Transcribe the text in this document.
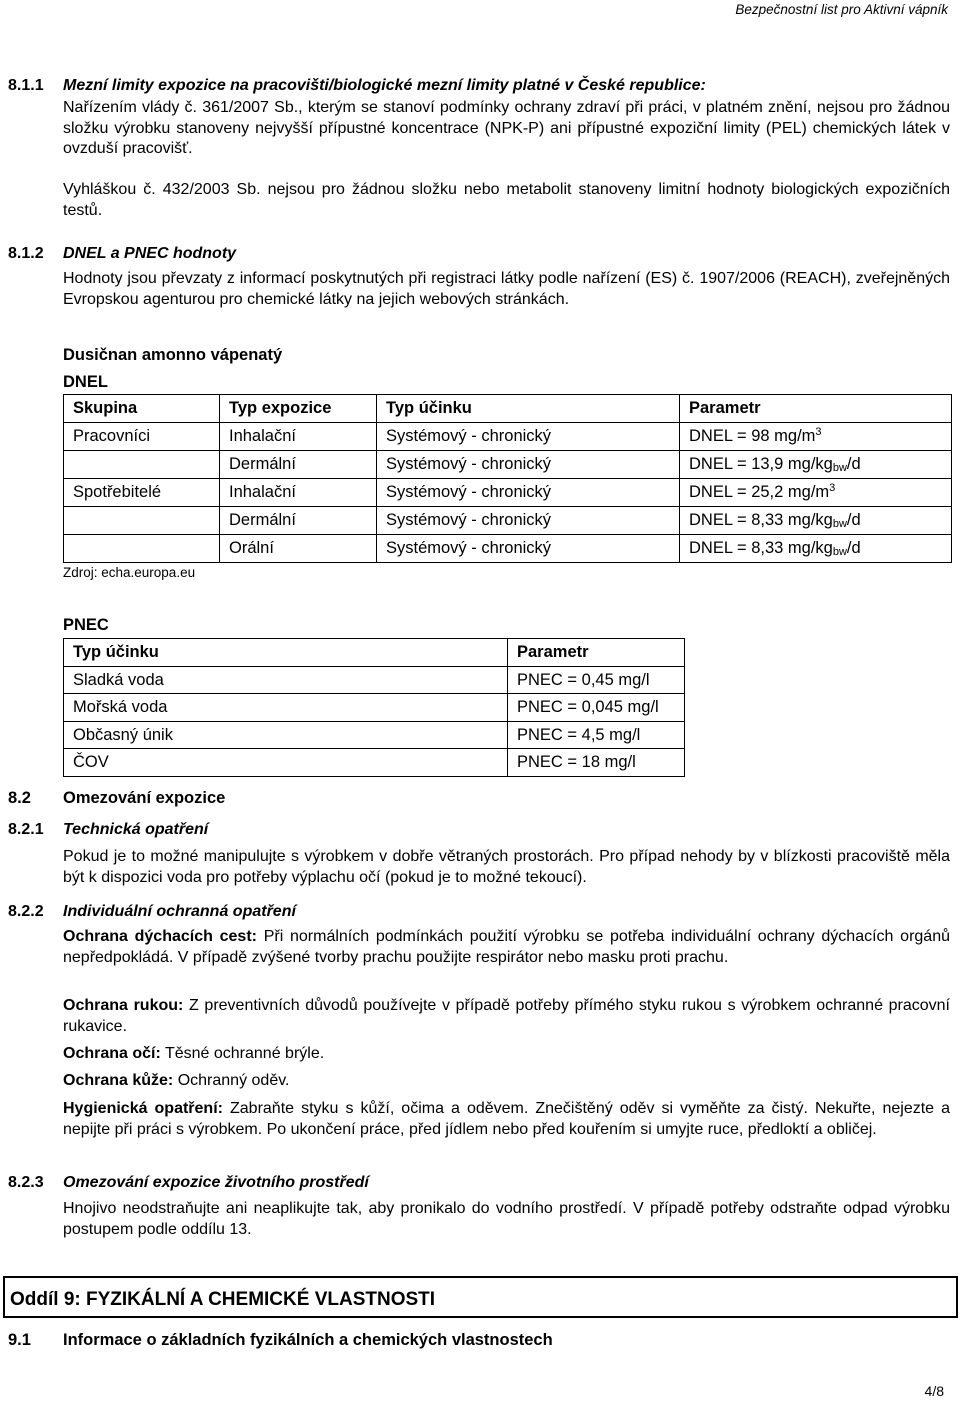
Bezpečnostní list pro Aktivní vápník
8.1.1 Mezní limity expozice na pracovišti/biologické mezní limity platné v České republice:
Nařízením vlády č. 361/2007 Sb., kterým se stanoví podmínky ochrany zdraví při práci, v platném znění, nejsou pro žádnou složku výrobku stanoveny nejvyšší přípustné koncentrace (NPK-P) ani přípustné expoziční limity (PEL) chemických látek v ovzduší pracovišť.
Vyhláškou č. 432/2003 Sb. nejsou pro žádnou složku nebo metabolit stanoveny limitní hodnoty biologických expozičních testů.
8.1.2 DNEL a PNEC hodnoty
Hodnoty jsou převzaty z informací poskytnutých při registraci látky podle nařízení (ES) č. 1907/2006 (REACH), zveřejněných Evropskou agenturou pro chemické látky na jejich webových stránkách.
Dusičnan amonno vápenatý
DNEL
Skupina	Typ expozice	Typ účinku	Parametr
Pracovníci	Inhalační	Systémový - chronický	DNEL = 98 $mg/m^3$
	Dermální	Systémový - chronický	DNEL = 13,9 $mg/kg_{bw}/d$
Spotřebitelé	Inhalační	Systémový - chronický	DNEL = 25,2 $mg/m^3$
	Dermální	Systémový - chronický	DNEL = 8,33 $mg/kg_{bw}/d$
	Orální	Systémový - chronický	DNEL = 8,33 $mg/kg_{bw}/d$
Zdroj: echa.europa.eu
PNEC
Typ účinku	Parametr
Sladká voda	PNEC = 0,45 mg/l
Mořská voda	PNEC = 0,045 mg/l
Občasný únik	PNEC = 4,5 mg/l
ČOV	PNEC = 18 mg/l
8.2 Omezování expozice
8.2.1 Technická opatření
Pokud je to možné manipulujte s výrobkem v dobře větraných prostorách. Pro případ nehody by v blízkosti pracoviště měla být k dispozici voda pro potřeby výplachu očí (pokud je to možné tekoucí).
8.2.2 Individuální ochranná opatření
Ochrana dýchacích cest: Při normálních podmínkách použití výrobku se potřeba individuální ochrany dýchacích orgánů nepředpokládá. V případě zvýšené tvorby prachu použijte respirátor nebo masku proti prachu.
Ochrana rukou: Z preventivních důvodů používejte v případě potřeby přímého styku rukou s výrobkem ochranné pracovní rukavice.
Ochrana očí: Těsné ochranné brýle.
Ochrana kůže: Ochranný oděv.
Hygienická opatření: Zabraňte styku s kůží, očima a oděvem. Znečištěný oděv si vyměňte za čistý. Nekuřte, nejezte a nepijte při práci s výrobkem. Po ukončení práce, před jídlem nebo před kouřením si umyjte ruce, předloktí a obličej.
8.2.3 Omezování expozice životního prostředí
Hnojivo neodstraňujte ani neaplikujte tak, aby pronikalo do vodního prostředí. V případě potřeby odstraňte odpad výrobku postupem podle oddílu 13.
Oddíl 9: FYZIKÁLNÍ A CHEMICKÉ VLASTNOSTI
9.1 Informace o základních fyzikálních a chemických vlastnostech
4/8
